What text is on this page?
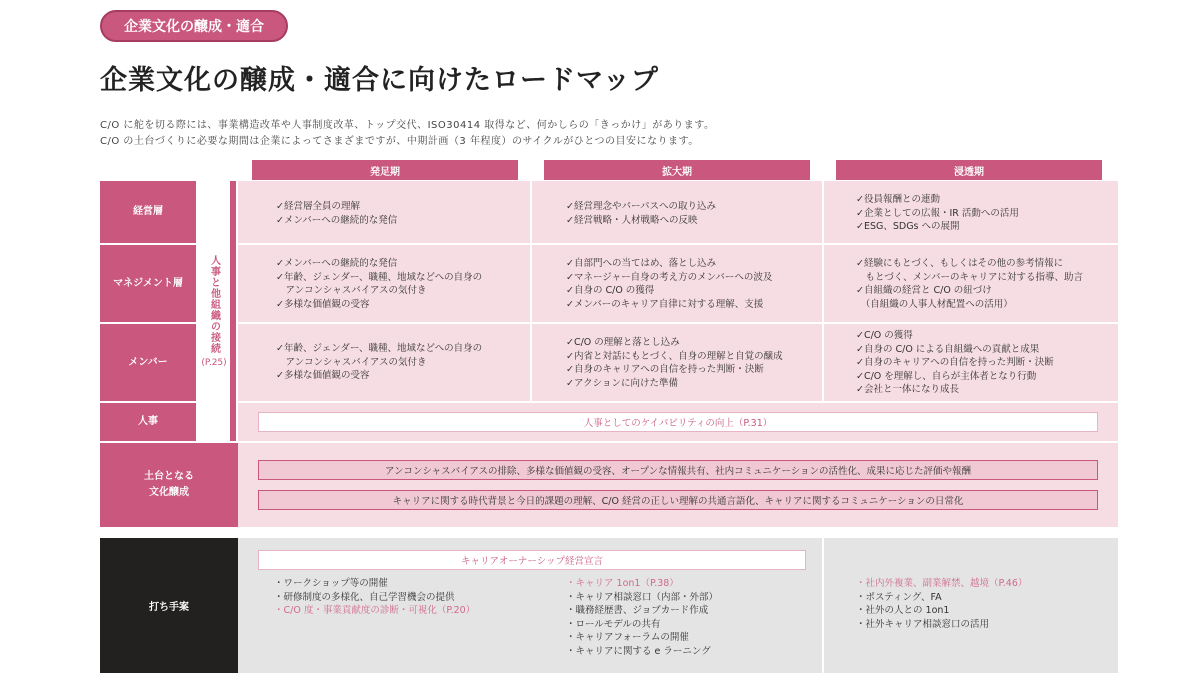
企業文化の醸成・適合
企業文化の醸成・適合に向けたロードマップ
C/O に舵を切る際には、事業構造改革や人事制度改革、トップ交代、ISO30414 取得など、何かしらの「きっかけ」があります。
C/O の土台づくりに必要な期間は企業によってさまざまですが、中期計画（3 年程度）のサイクルがひとつの目安になります。
発足期	拡大期	浸透期
経営層
マネジメント層
メンバー
人事
土台となる
文化醸成
人事と他組織の接続
(P.25)
✓経営層全員の理解
✓メンバーへの継続的な発信
✓経営理念やパーパスへの取り込み
✓経営戦略・人材戦略への反映
✓役員報酬との連動
✓企業としての広報・IR 活動への活用
✓ESG、SDGs への展開
✓メンバーへの継続的な発信
✓年齢、ジェンダー、職種、地域などへの自身の
　アンコンシャスバイアスの気付き
✓多様な価値観の受容
✓自部門への当てはめ、落とし込み
✓マネージャー自身の考え方のメンバーへの波及
✓自身の C/O の獲得
✓メンバーのキャリア自律に対する理解、支援
✓経験にもとづく、もしくはその他の参考情報に
　もとづく、メンバーのキャリアに対する指導、助言
✓自組織の経営と C/O の紐づけ
　（自組織の人事人材配置への活用）
✓年齢、ジェンダー、職種、地域などへの自身の
　アンコンシャスバイアスの気付き
✓多様な価値観の受容
✓C/O の理解と落とし込み
✓内省と対話にもとづく、自身の理解と自覚の醸成
✓自身のキャリアへの自信を持った判断・決断
✓アクションに向けた準備
✓C/O の獲得
✓自身の C/O による自組織への貢献と成果
✓自身のキャリアへの自信を持った判断・決断
✓C/O を理解し、自らが主体者となり行動
✓会社と一体になり成長
人事としてのケイパビリティの向上（P.31）
アンコンシャスバイアスの排除、多様な価値観の受容、オープンな情報共有、社内コミュニケーションの活性化、成果に応じた評価や報酬
キャリアに関する時代背景と今日的課題の理解、C/O 経営の正しい理解の共通言語化、キャリアに関するコミュニケーションの日常化
打ち手案
キャリアオーナーシップ経営宣言
・ワークショップ等の開催
・研修制度の多様化、自己学習機会の提供
・C/O 度・事業貢献度の診断・可視化（P.20）
・キャリア 1on1（P.38）
・キャリア相談窓口（内部・外部）
・職務経歴書、ジョブカード作成
・ロールモデルの共有
・キャリアフォーラムの開催
・キャリアに関する e ラーニング
・社内外複業、副業解禁、越境（P.46）
・ポスティング、FA
・社外の人との 1on1
・社外キャリア相談窓口の活用
